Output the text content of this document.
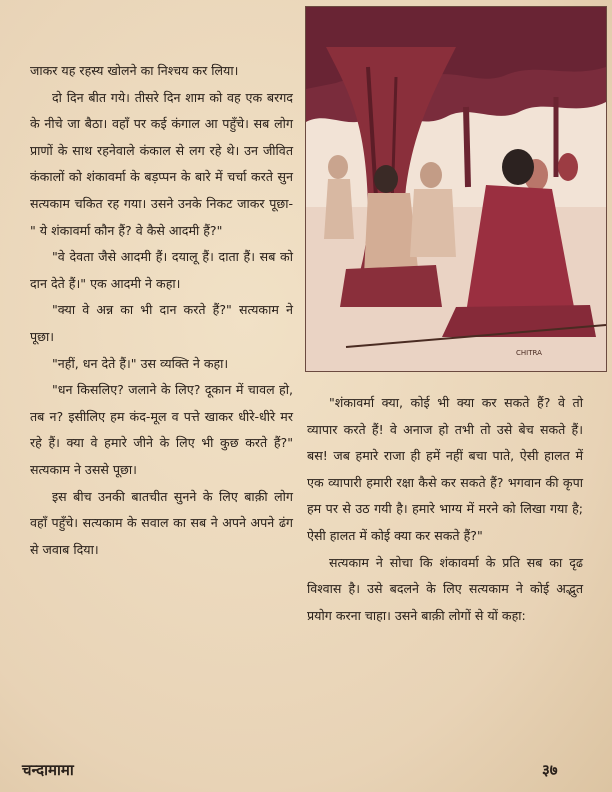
CHITRA

जाकर यह रहस्य खोलने का निश्चय कर लिया।

दो दिन बीत गये। तीसरे दिन शाम को वह एक बरगद के नीचे जा बैठा। वहाँ पर कई कंगाल आ पहुँचे। सब लोग प्राणों के साथ रहनेवाले कंकाल से लग रहे थे। उन जीवित कंकालों को शंकावर्मा के बड़प्पन के बारे में चर्चा करते सुन सत्यकाम चकित रह गया। उसने उनके निकट जाकर पूछा-" ये शंकावर्मा कौन हैं? वे कैसे आदमी हैं?"

"वे देवता जैसे आदमी हैं। दयालू हैं। दाता हैं। सब को दान देते हैं।" एक आदमी ने कहा।

"क्या वे अन्न का भी दान करते हैं?" सत्यकाम ने पूछा।

"नहीं, धन देते हैं।" उस व्यक्ति ने कहा।

"धन किसलिए? जलाने के लिए? दूकान में चावल हो, तब न? इसीलिए हम कंद-मूल व पत्ते खाकर धीरे-धीरे मर रहे हैं। क्या वे हमारे जीने के लिए भी कुछ करते हैं?" सत्यकाम ने उससे पूछा।

इस बीच उनकी बातचीत सुनने के लिए बाक़ी लोग वहाँ पहुँचे। सत्यकाम के सवाल का सब ने अपने अपने ढंग से जवाब दिया।

"शंकावर्मा क्या, कोई भी क्या कर सकते हैं? वे तो व्यापार करते हैं! वे अनाज हो तभी तो उसे बेच सकते हैं। बस! जब हमारे राजा ही हमें नहीं बचा पाते, ऐसी हालत में एक व्यापारी हमारी रक्षा कैसे कर सकते हैं? भगवान की कृपा हम पर से उठ गयी है। हमारे भाग्य में मरने को लिखा गया है; ऐसी हालत में कोई क्या कर सकते हैं?"

सत्यकाम ने सोचा कि शंकावर्मा के प्रति सब का दृढ विश्वास है। उसे बदलने के लिए सत्यकाम ने कोई अद्भुत प्रयोग करना चाहा। उसने बाक़ी लोगों से यों कहा:

चन्दामामा	३७
